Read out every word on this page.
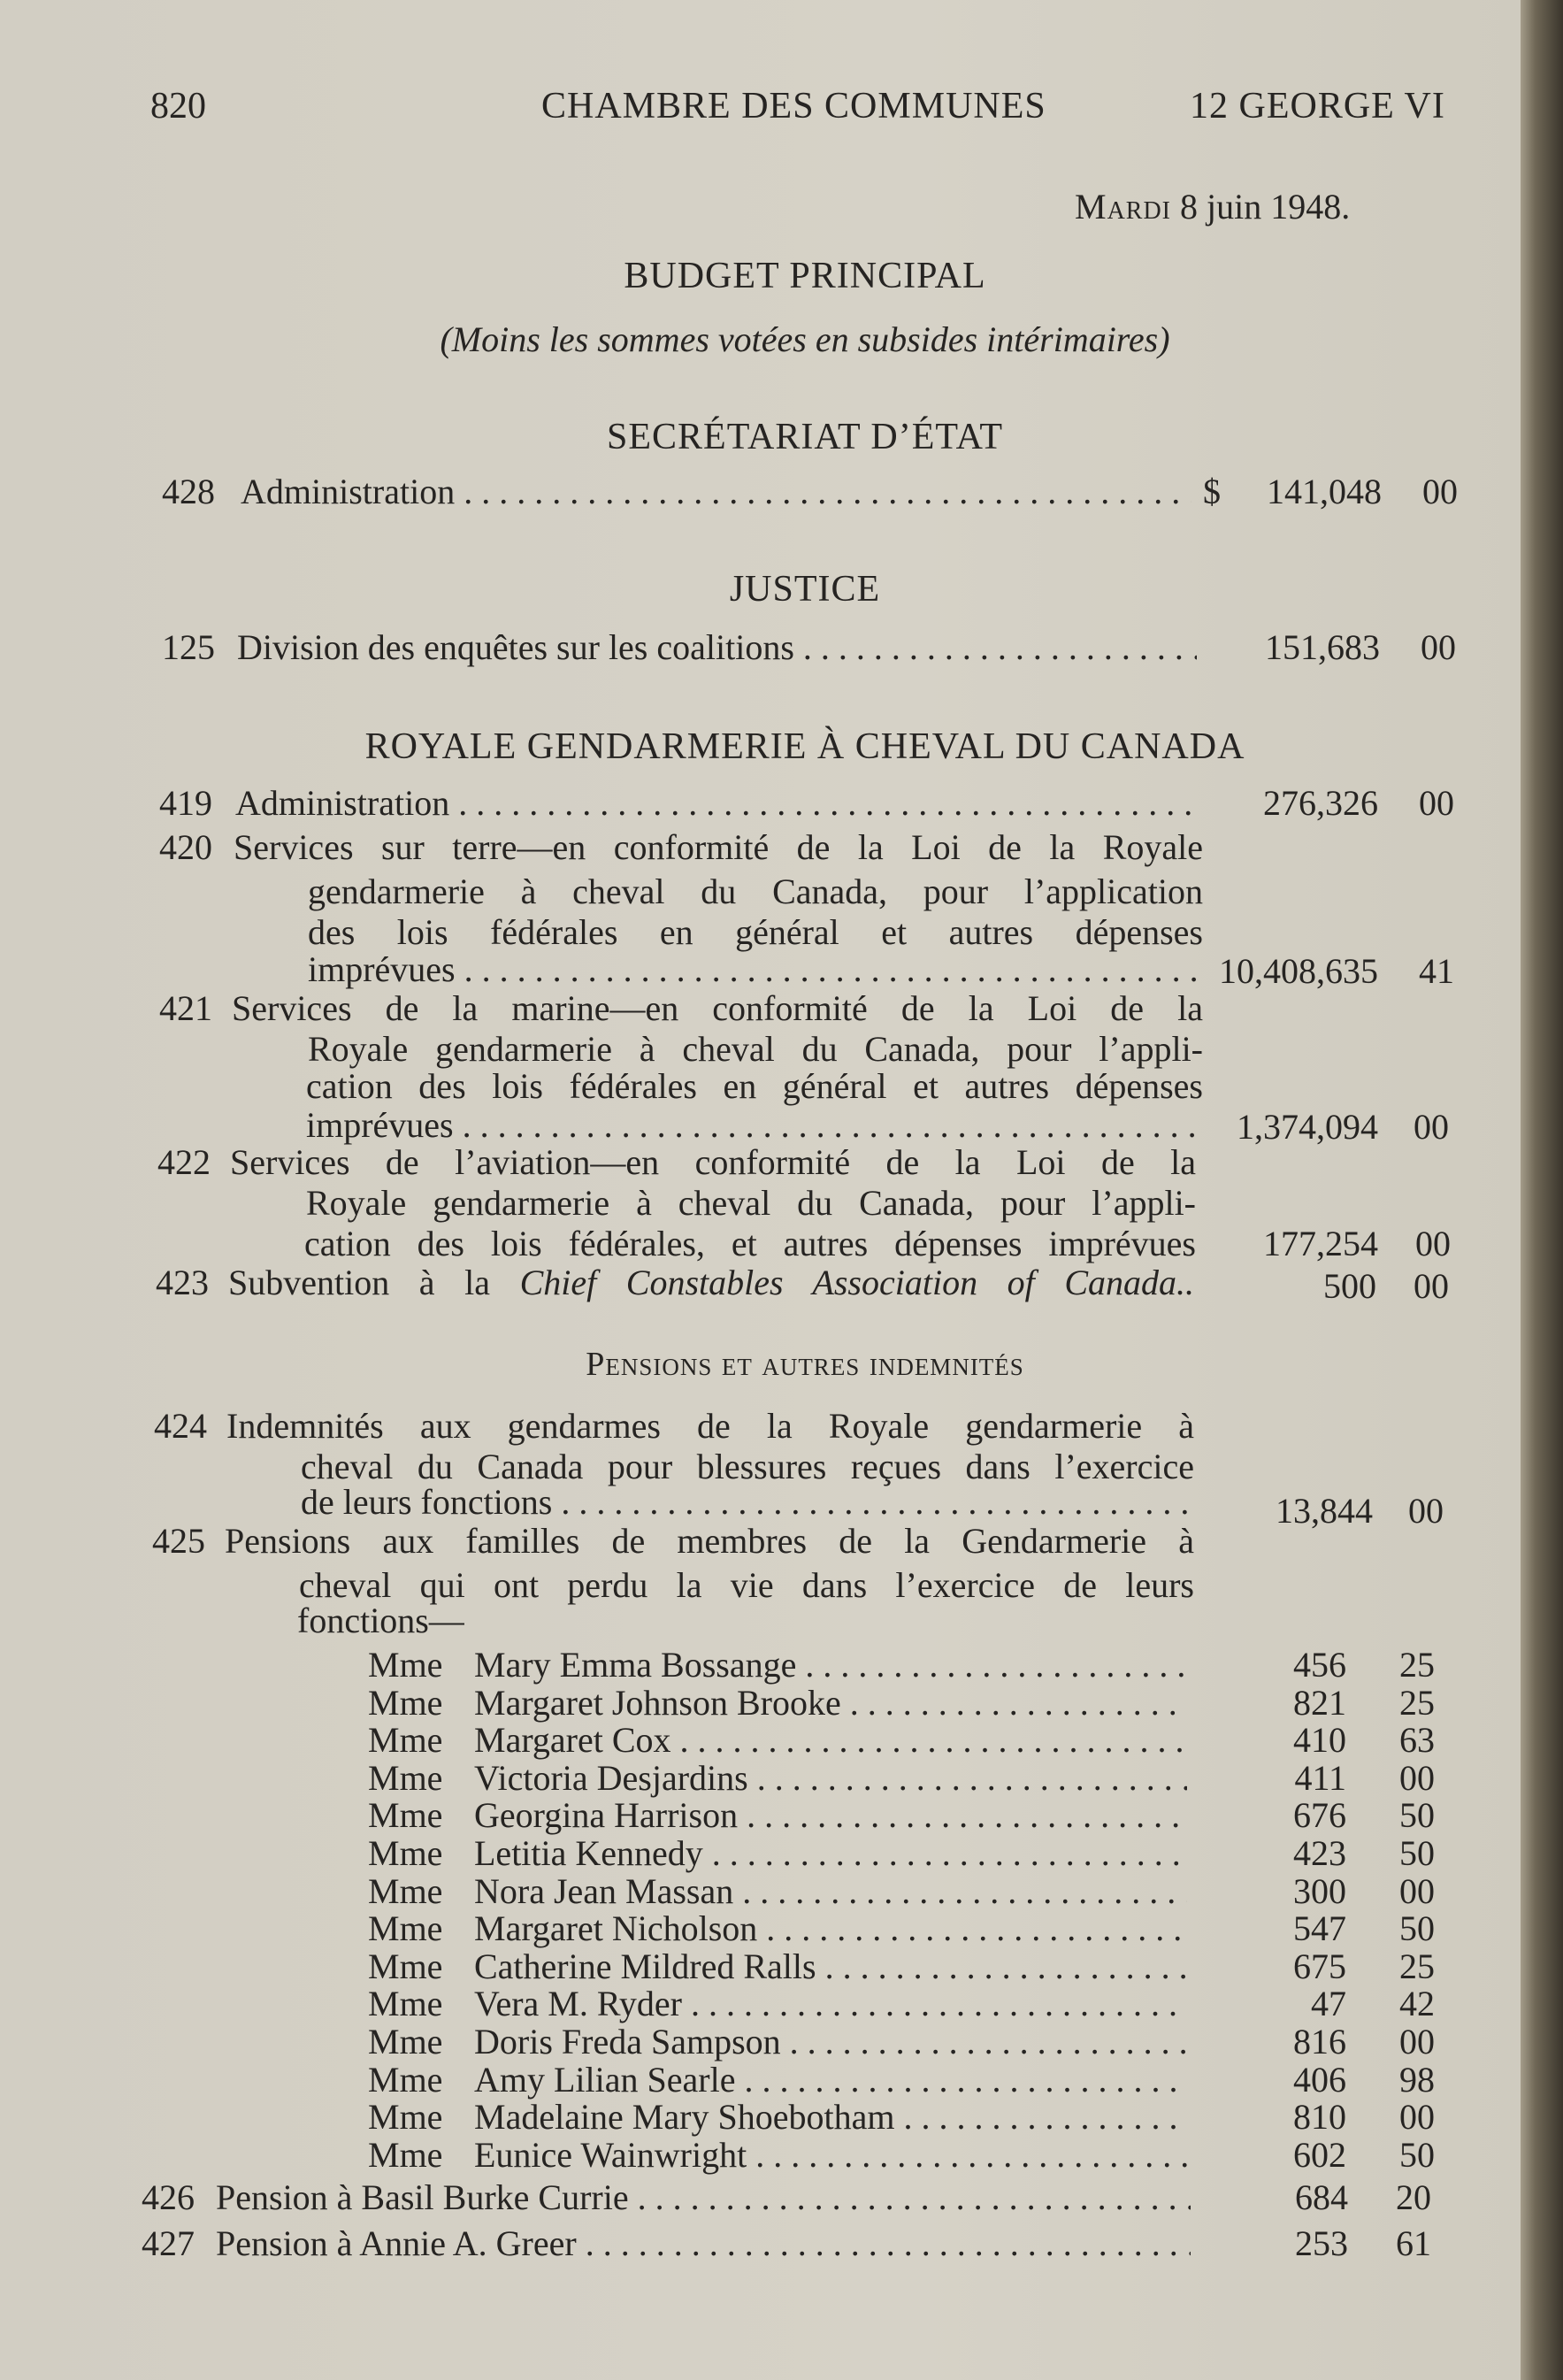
820	CHAMBRE DES COMMUNES	12 GEORGE VI
Mardi 8 juin 1948.
BUDGET PRINCIPAL
(Moins les sommes votées en subsides intérimaires)
SECRÉTARIAT D’ÉTAT
428 Administration . . .	$	141,048 00
JUSTICE
125 Division des enquêtes sur les coalitions . . .	151,683 00
ROYALE GENDARMERIE À CHEVAL DU CANADA
419 Administration . . .	276,326 00
420 Services sur terre—en conformité de la Loi de la Royale
gendarmerie à cheval du Canada, pour l’application
des lois fédérales en général et autres dépenses
imprévues . . .	10,408,635 41
421 Services de la marine—en conformité de la Loi de la
Royale gendarmerie à cheval du Canada, pour l’appli-
cation des lois fédérales en général et autres dépenses
imprévues . . .	1,374,094 00
422 Services de l’aviation—en conformité de la Loi de la
Royale gendarmerie à cheval du Canada, pour l’appli-
cation des lois fédérales, et autres dépenses imprévues	177,254 00
423 Subvention à la Chief Constables Association of Canada..	500 00
Pensions et autres indemnités
424 Indemnités aux gendarmes de la Royale gendarmerie à
cheval du Canada pour blessures reçues dans l’exercice
de leurs fonctions . . .	13,844 00
425 Pensions aux familles de membres de la Gendarmerie à
cheval qui ont perdu la vie dans l’exercice de leurs
fonctions—
Mme Mary Emma Bossange . . .	456 25
Mme Margaret Johnson Brooke . . .	821 25
Mme Margaret Cox . . .	410 63
Mme Victoria Desjardins . . .	411 00
Mme Georgina Harrison . . .	676 50
Mme Letitia Kennedy . . .	423 50
Mme Nora Jean Massan . . .	300 00
Mme Margaret Nicholson . . .	547 50
Mme Catherine Mildred Ralls . . .	675 25
Mme Vera M. Ryder . . .	47 42
Mme Doris Freda Sampson . . .	816 00
Mme Amy Lilian Searle . . .	406 98
Mme Madelaine Mary Shoebotham . . .	810 00
Mme Eunice Wainwright . . .	602 50
426 Pension à Basil Burke Currie . . .	684 20
427 Pension à Annie A. Greer . . .	253 61
